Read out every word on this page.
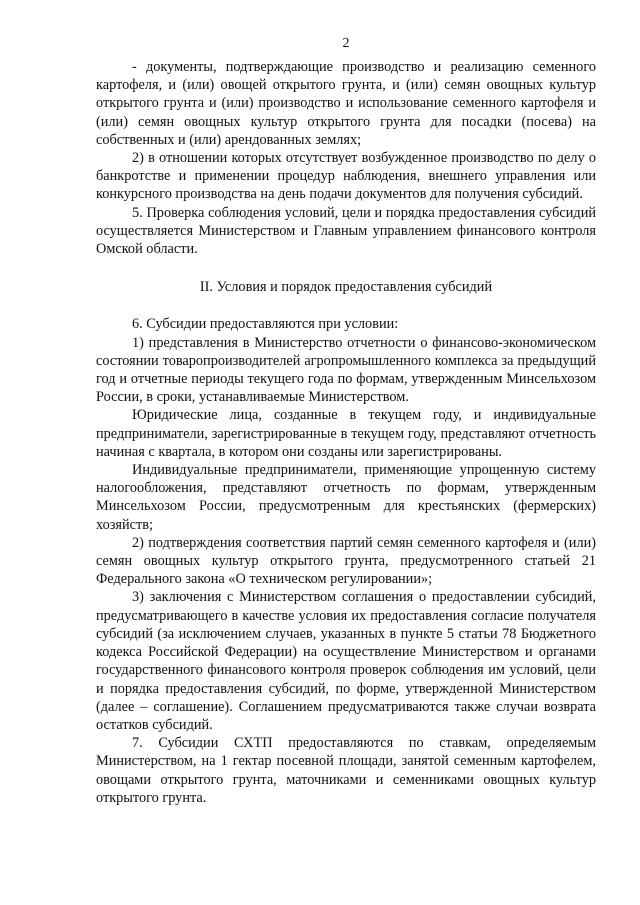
2

- документы, подтверждающие производство и реализацию семенного картофеля, и (или) овощей открытого грунта, и (или) семян овощных культур открытого грунта и (или) производство и использование семенного картофеля и (или) семян овощных культур открытого грунта для посадки (посева) на собственных и (или) арендованных землях;

2) в отношении которых отсутствует возбужденное производство по делу о банкротстве и применении процедур наблюдения, внешнего управления или конкурсного производства на день подачи документов для получения субсидий.

5. Проверка соблюдения условий, цели и порядка предоставления субсидий осуществляется Министерством и Главным управлением финансового контроля Омской области.

II. Условия и порядок предоставления субсидий

6. Субсидии предоставляются при условии:

1) представления в Министерство отчетности о финансово-экономическом состоянии товаропроизводителей агропромышленного комплекса за предыдущий год и отчетные периоды текущего года по формам, утвержденным Минсельхозом России, в сроки, устанавливаемые Министерством.

Юридические лица, созданные в текущем году, и индивидуальные предприниматели, зарегистрированные в текущем году, представляют отчетность начиная с квартала, в котором они созданы или зарегистрированы.

Индивидуальные предприниматели, применяющие упрощенную систему налогообложения, представляют отчетность по формам, утвержденным Минсельхозом России, предусмотренным для крестьянских (фермерских) хозяйств;

2) подтверждения соответствия партий семян семенного картофеля и (или) семян овощных культур открытого грунта, предусмотренного статьей 21 Федерального закона «О техническом регулировании»;

3) заключения с Министерством соглашения о предоставлении субсидий, предусматривающего в качестве условия их предоставления согласие получателя субсидий (за исключением случаев, указанных в пункте 5 статьи 78 Бюджетного кодекса Российской Федерации) на осуществление Министерством и органами государственного финансового контроля проверок соблюдения им условий, цели и порядка предоставления субсидий, по форме, утвержденной Министерством (далее – соглашение). Соглашением предусматриваются также случаи возврата остатков субсидий.

7. Субсидии СХТП предоставляются по ставкам, определяемым Министерством, на 1 гектар посевной площади, занятой семенным картофелем, овощами открытого грунта, маточниками и семенниками овощных культур открытого грунта.
